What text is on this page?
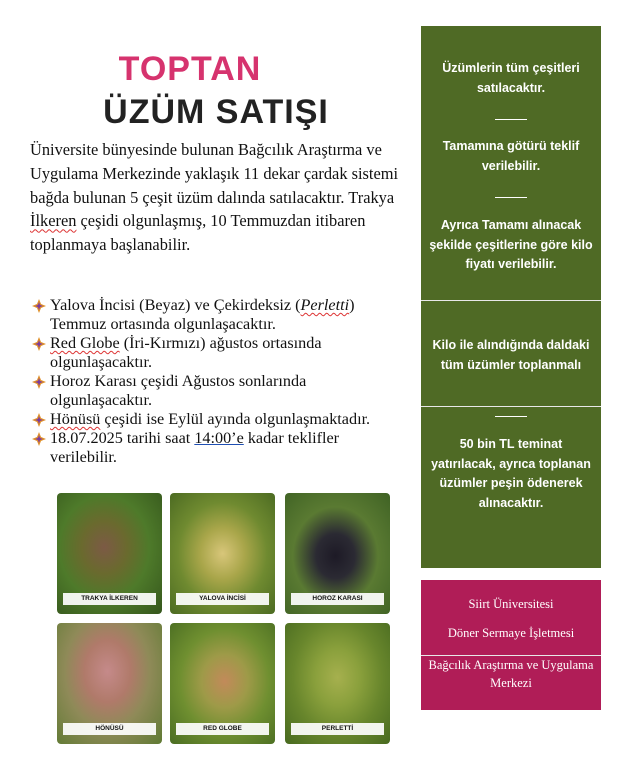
TOPTAN
ÜZÜM SATIŞI
Üniversite bünyesinde bulunan Bağcılık Araştırma ve Uygulama Merkezinde yaklaşık 11 dekar çardak sistemi bağda bulunan 5 çeşit üzüm dalında satılacaktır. Trakya İlkeren çeşidi olgunlaşmış, 10 Temmuzdan itibaren toplanmaya başlanabilir.
Yalova İncisi (Beyaz) ve Çekirdeksiz (Perletti) Temmuz ortasında olgunlaşacaktır.
Red Globe (İri-Kırmızı) ağustos ortasında olgunlaşacaktır.
Horoz Karası çeşidi Ağustos sonlarında olgunlaşacaktır.
Hönüsü çeşidi ise Eylül ayında olgunlaşmaktadır.
18.07.2025 tarihi saat 14:00’e kadar teklifler verilebilir.
Üzümlerin tüm çeşitleri satılacaktır.
Tamamına götürü teklif verilebilir.
Ayrıca Tamamı alınacak şekilde çeşitlerine göre kilo fiyatı verilebilir.
Kilo ile alındığında daldaki tüm üzümler toplanmalı
50 bin TL teminat yatırılacak, ayrıca toplanan üzümler peşin ödenerek alınacaktır.
Siirt Üniversitesi
Döner Sermaye İşletmesi
Bağcılık Araştırma ve Uygulama Merkezi
TRAKYA İLKEREN	YALOVA İNCİSİ	HOROZ KARASI
HÖNÜSÜ	RED GLOBE	PERLETTİ
